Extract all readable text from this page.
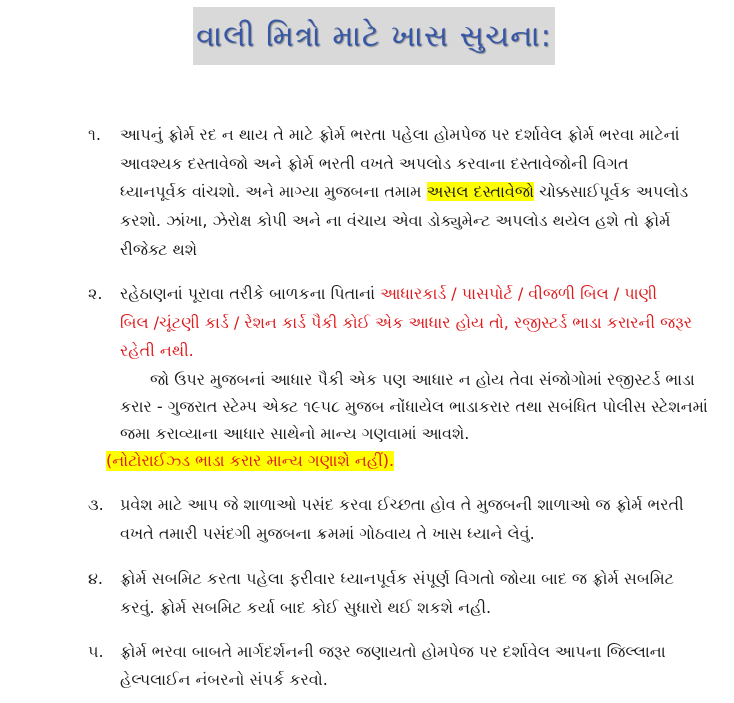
વાલી મિત્રો માટે ખાસ સુચના:
૧. આપનું ફ્રોર્મ રદ ન થાય તે માટે ફ્રોર્મ ભરતા પહેલા હોમપેજ પર દર્શાવેલ ફ્રોર્મ ભરવા માટેનાં
આવશ્યક દસ્તાવેજો અને ફ્રોર્મ ભરતી વખતે અપલોડ કરવાના દસ્તાવેજોની વિગત
ધ્યાનપૂર્વક વાંચશો. અને માગ્યા મુજબના તમામ અસલ દસ્તાવેજો ચોક્કસાઈપૂર્વક અપલોડ
કરશો. ઝાંખા, ઝેરોક્ષ કોપી અને ના વંચાય એવા ડોક્યુમેન્ટ અપલોડ થયેલ હશે તો ફ્રોર્મ
રીજેક્ટ થશે
૨. રહેઠાણનાં પૂરાવા તરીકે બાળકના પિતાનાં આધારકાર્ડ / પાસપોર્ટ / વીજળી બિલ / પાણી
બિલ /ચૂંટણી કાર્ડ / રેશન કાર્ડ પૈકી કોઈ એક આધાર હોય તો, રજીસ્ટર્ડ ભાડા કરારની જરૂર
રહેતી નથી.
જો ઉપર મુજબનાં આધાર પૈકી એક પણ આધાર ન હોય તેવા સંજોગોમાં રજીસ્ટર્ડ ભાડા
કરાર - ગુજરાત સ્ટેમ્પ એક્ટ ૧૯૫૮ મુજબ નોંધાયેલ ભાડાકરાર તથા સબંધિત પોલીસ સ્ટેશનમાં
જમા કરાવ્યાના આધાર સાથેનો માન્ય ગણવામાં આવશે.
(નોટોરાઈઝ્ડ ભાડા કરાર માન્ય ગણાશે નહીં).
૩. પ્રવેશ માટે આપ જે શાળાઓ પસંદ કરવા ઈચ્છતા હોવ તે મુજબની શાળાઓ જ ફ્રોર્મ ભરતી
વખતે તમારી પસંદગી મુજબના ક્રમમાં ગોઠવાય તે ખાસ ધ્યાને લેવું.
૪. ફ્રોર્મ સબમિટ કરતા પહેલા ફરીવાર ધ્યાનપૂર્વક સંપૂર્ણ વિગતો જોયા બાદ જ ફ્રોર્મ સબમિટ
કરવું. ફ્રોર્મ સબમિટ કર્યા બાદ કોઈ સુધારો થઈ શકશે નહી.
૫. ફ્રોર્મ ભરવા બાબતે માર્ગદર્શનની જરૂર જણાયતો હોમપેજ પર દર્શાવેલ આપના જિલ્લાના
હેલ્પલાઈન નંબરનો સંપર્ક કરવો.
